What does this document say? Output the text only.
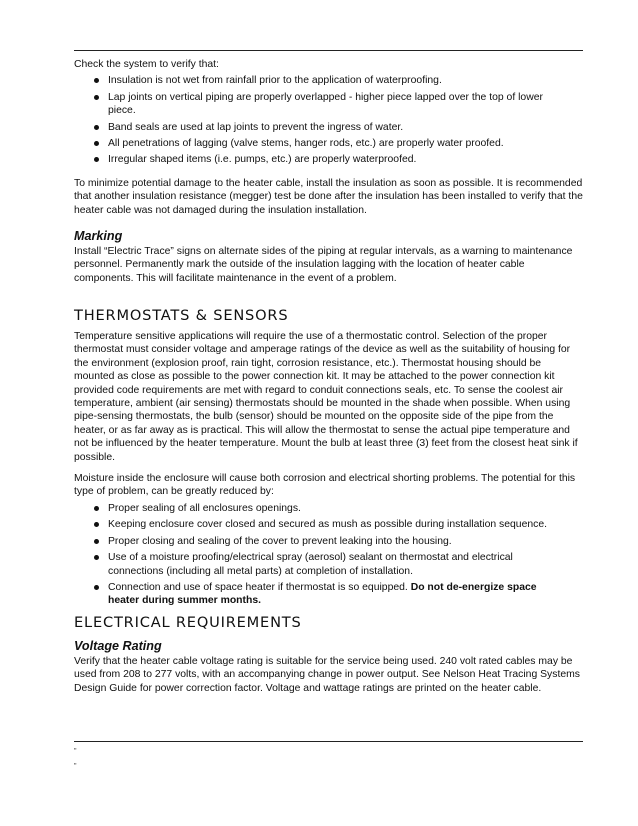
Check the system to verify that:

Insulation is not wet from rainfall prior to the application of waterproofing.
Lap joints on vertical piping are properly overlapped - higher piece lapped over the top of lower piece.
Band seals are used at lap joints to prevent the ingress of water.
All penetrations of lagging (valve stems, hanger rods, etc.) are properly water proofed.
Irregular shaped items (i.e. pumps, etc.) are properly waterproofed.

To minimize potential damage to the heater cable, install the insulation as soon as possible. It is recommended that another insulation resistance (megger) test be done after the insulation has been installed to verify that the heater cable was not damaged during the insulation installation.

Marking

Install “Electric Trace” signs on alternate sides of the piping at regular intervals, as a warning to maintenance personnel. Permanently mark the outside of the insulation lagging with the location of heater cable components. This will facilitate maintenance in the event of a problem.

THERMOSTATS & SENSORS

Temperature sensitive applications will require the use of a thermostatic control. Selection of the proper thermostat must consider voltage and amperage ratings of the device as well as the suitability of housing for the environment (explosion proof, rain tight, corrosion resistance, etc.). Thermostat housing should be mounted as close as possible to the power connection kit. It may be attached to the power connection kit provided code requirements are met with regard to conduit connections seals, etc. To sense the coolest air temperature, ambient (air sensing) thermostats should be mounted in the shade when possible. When using pipe-sensing thermostats, the bulb (sensor) should be mounted on the opposite side of the pipe from the heater, or as far away as is practical. This will allow the thermostat to sense the actual pipe temperature and not be influenced by the heater temperature. Mount the bulb at least three (3) feet from the closest heat sink if possible.

Moisture inside the enclosure will cause both corrosion and electrical shorting problems. The potential for this type of problem, can be greatly reduced by:

Proper sealing of all enclosures openings.
Keeping enclosure cover closed and secured as mush as possible during installation sequence.
Proper closing and sealing of the cover to prevent leaking into the housing.
Use of a moisture proofing/electrical spray (aerosol) sealant on thermostat and electrical connections (including all metal parts) at completion of installation.
Connection and use of space heater if thermostat is so equipped. Do not de-energize space heater during summer months.
ELECTRICAL REQUIREMENTS
Voltage Rating

Verify that the heater cable voltage rating is suitable for the service being used. 240 volt rated cables may be used from 208 to 277 volts, with an accompanying change in power output. See Nelson Heat Tracing Systems Design Guide for power correction factor. Voltage and wattage ratings are printed on the heater cable.

"
"
